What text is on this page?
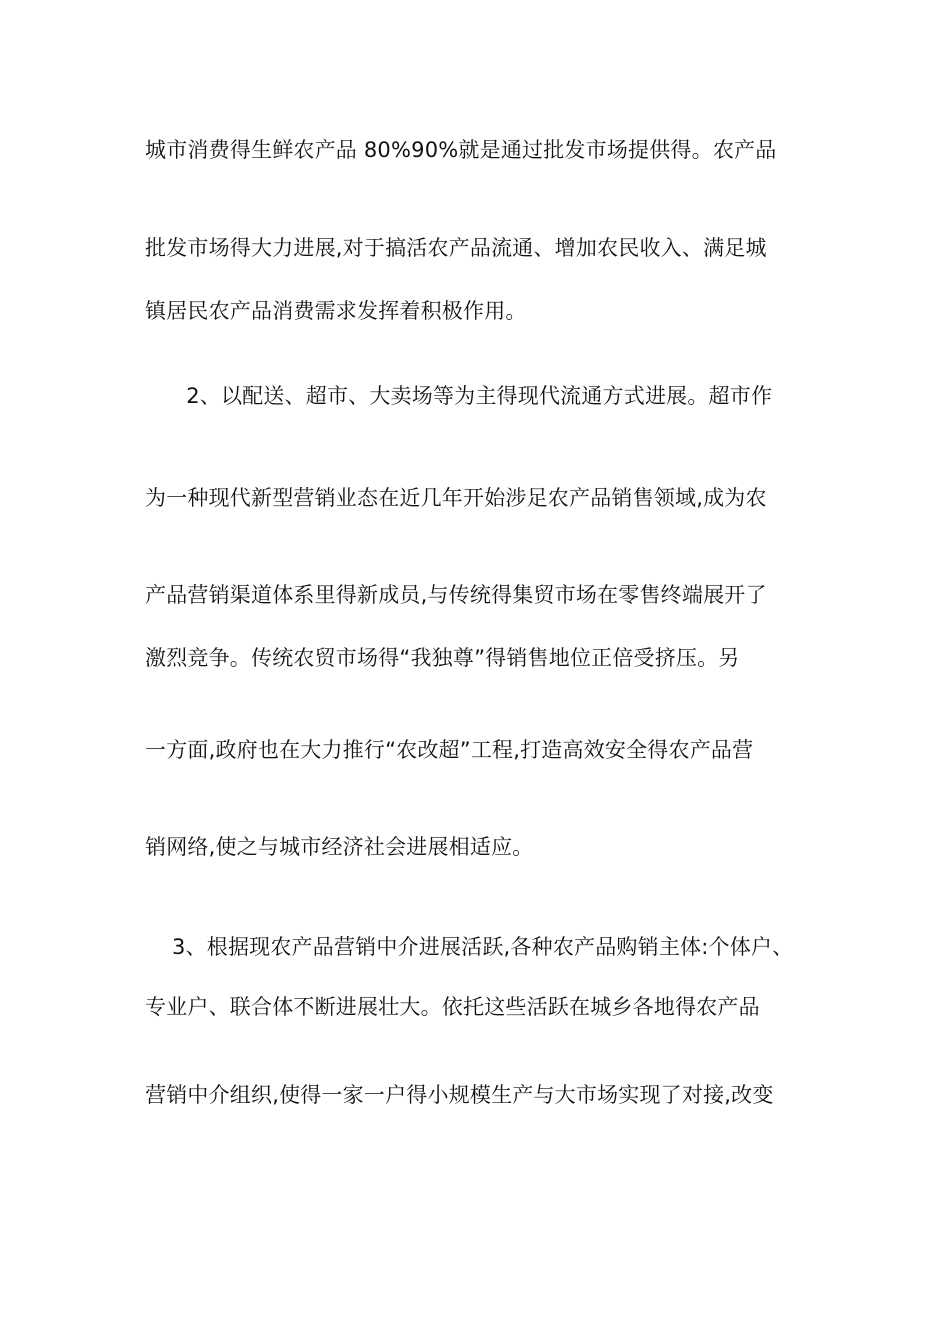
城市消费得生鲜农产品 80%90%就是通过批发市场提供得。农产品
批发市场得大力进展,对于搞活农产品流通、增加农民收入、满足城
镇居民农产品消费需求发挥着积极作用。
　2、以配送、超市、大卖场等为主得现代流通方式进展。超市作
为一种现代新型营销业态在近几年开始涉足农产品销售领域,成为农
产品营销渠道体系里得新成员,与传统得集贸市场在零售终端展开了
激烈竞争。传统农贸市场得“我独尊”得销售地位正倍受挤压。另
一方面,政府也在大力推行“农改超”工程,打造高效安全得农产品营
销网络,使之与城市经济社会进展相适应。
3、根据现农产品营销中介进展活跃,各种农产品购销主体:个体户、
专业户、联合体不断进展壮大。依托这些活跃在城乡各地得农产品
营销中介组织,使得一家一户得小规模生产与大市场实现了对接,改变
